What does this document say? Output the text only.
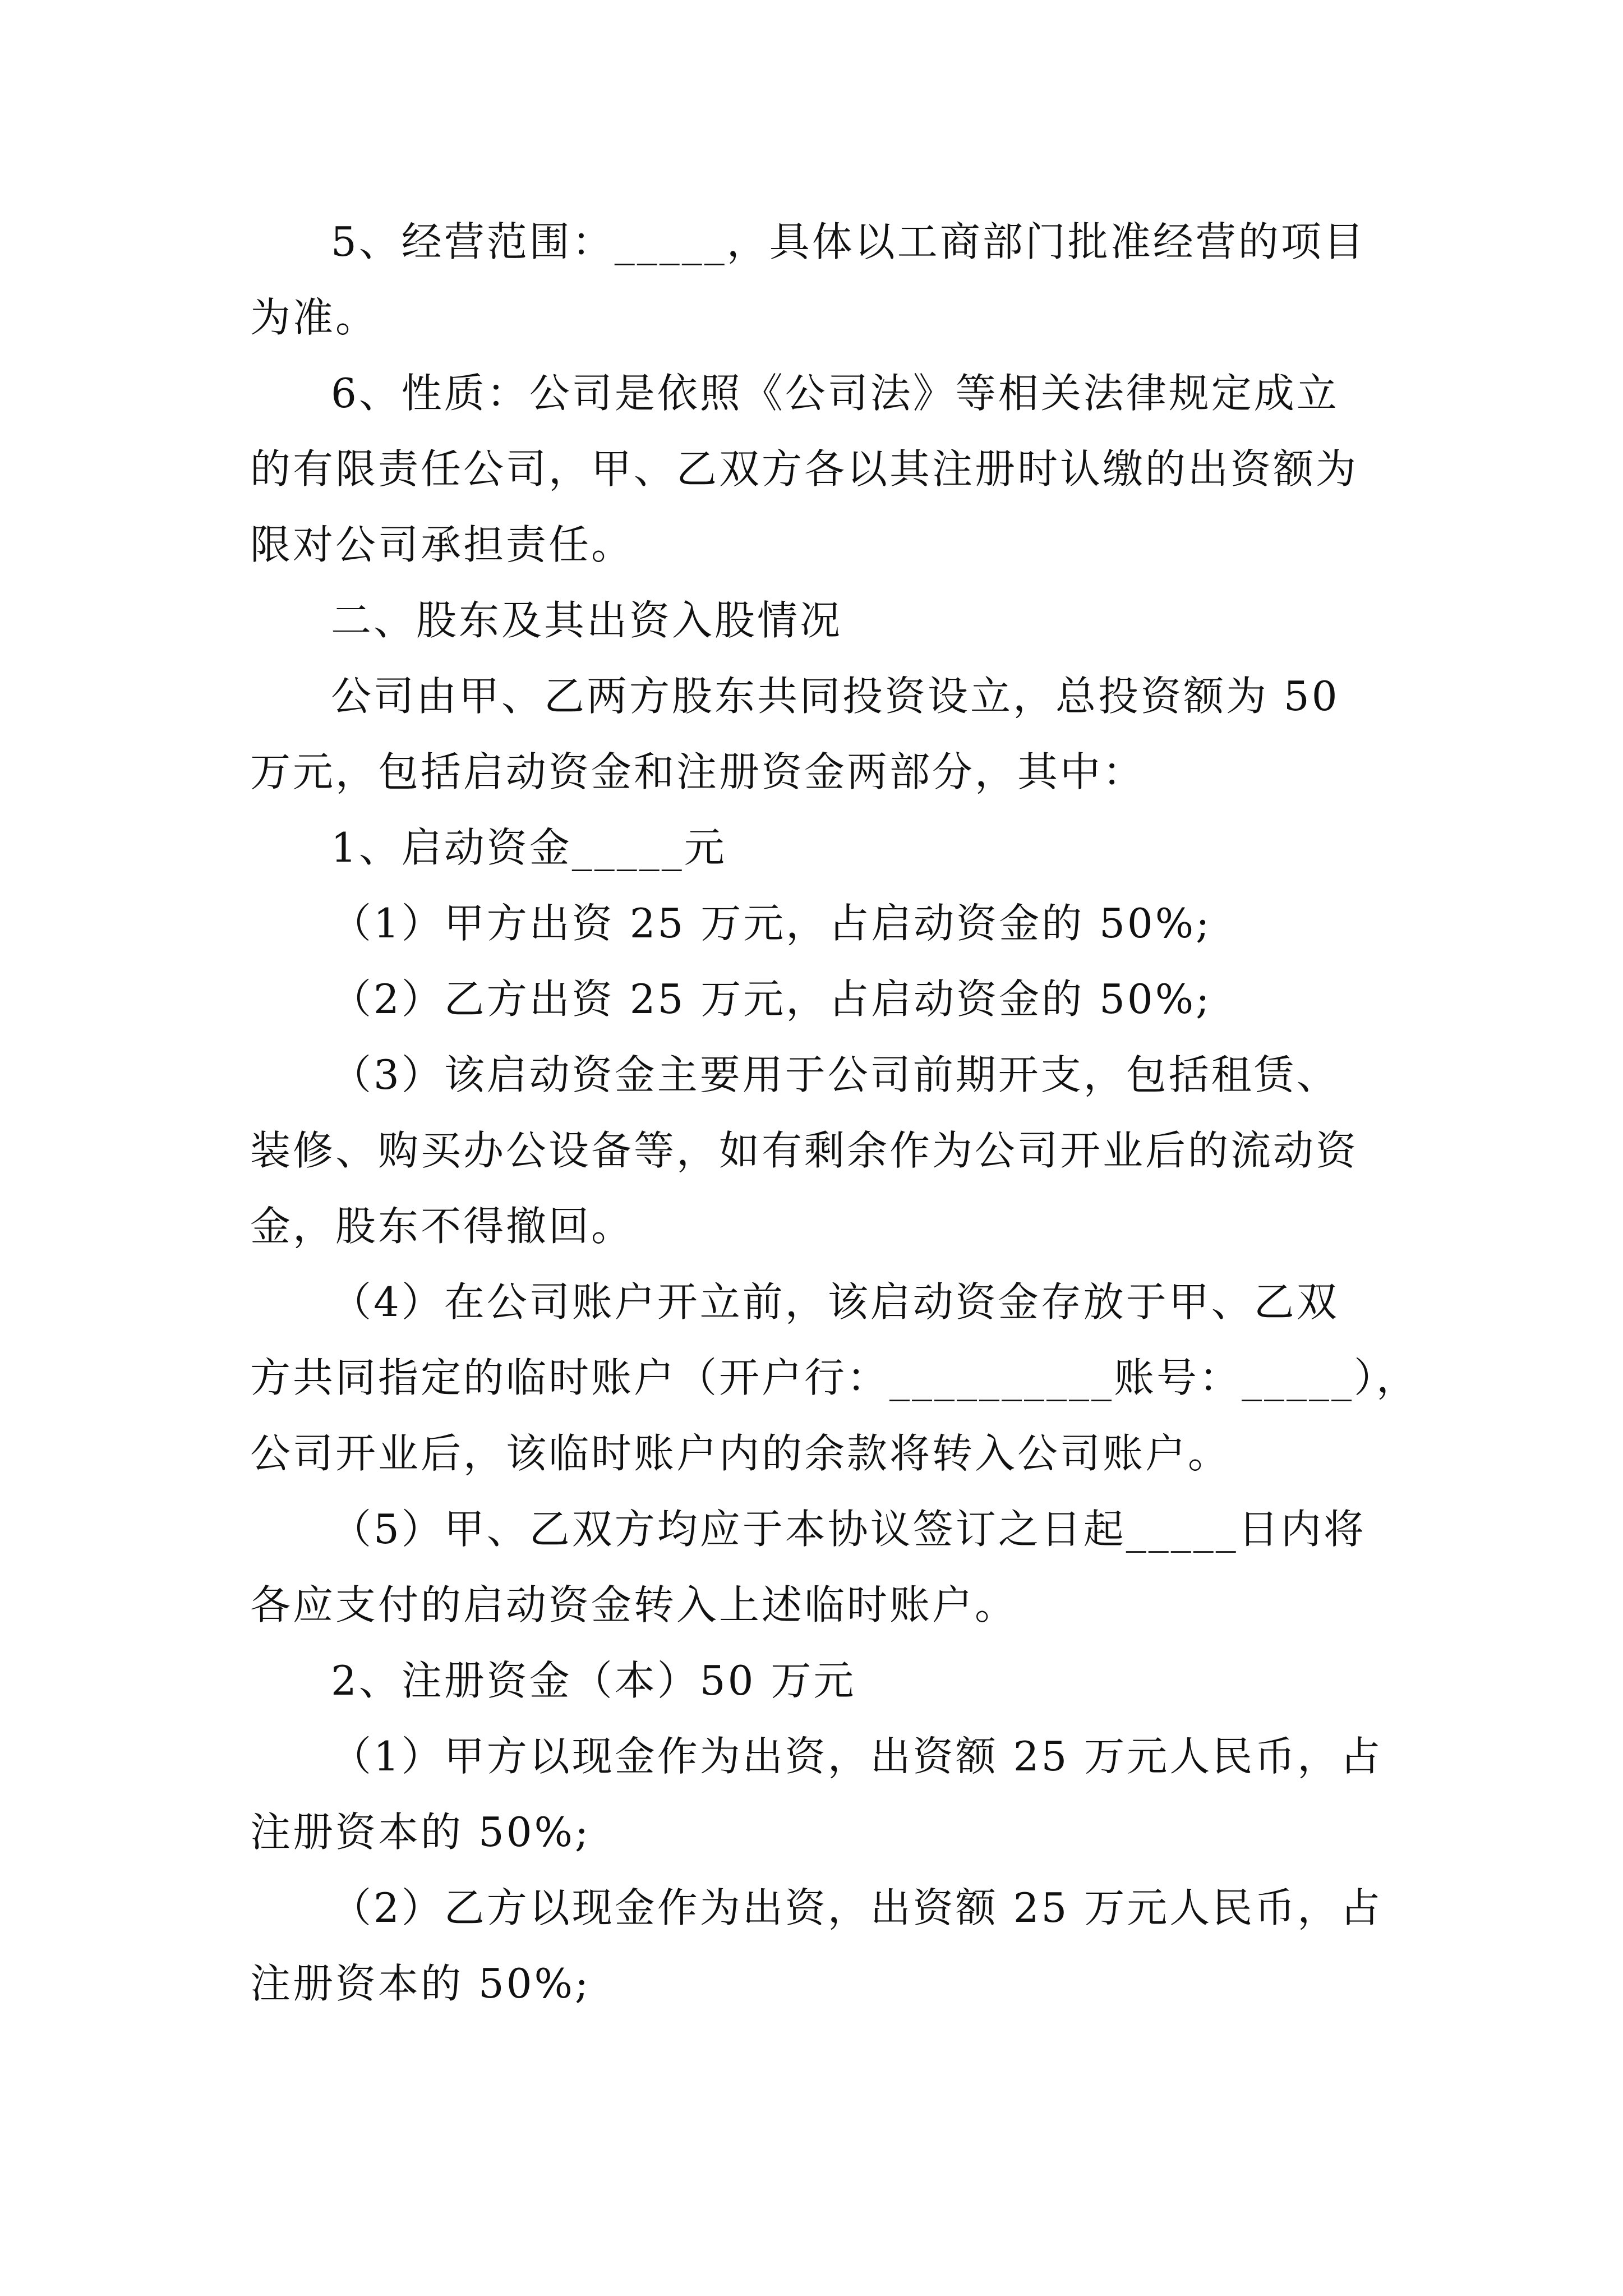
5、经营范围：_____，具体以工商部门批准经营的项目

为准。

6、性质：公司是依照《公司法》等相关法律规定成立

的有限责任公司，甲、乙双方各以其注册时认缴的出资额为

限对公司承担责任。

二、股东及其出资入股情况

公司由甲、乙两方股东共同投资设立，总投资额为 50

万元，包括启动资金和注册资金两部分，其中：

1、启动资金_____元

（1）甲方出资 25 万元，占启动资金的 50%;

（2）乙方出资 25 万元，占启动资金的 50%;

（3）该启动资金主要用于公司前期开支，包括租赁、

装修、购买办公设备等，如有剩余作为公司开业后的流动资

金，股东不得撤回。

（4）在公司账户开立前，该启动资金存放于甲、乙双

方共同指定的临时账户（开户行：__________账号：_____），

公司开业后，该临时账户内的余款将转入公司账户。

（5）甲、乙双方均应于本协议签订之日起_____日内将

各应支付的启动资金转入上述临时账户。

2、注册资金（本）50 万元

（1）甲方以现金作为出资，出资额 25 万元人民币，占

注册资本的 50%;

（2）乙方以现金作为出资，出资额 25 万元人民币，占

注册资本的 50%;
